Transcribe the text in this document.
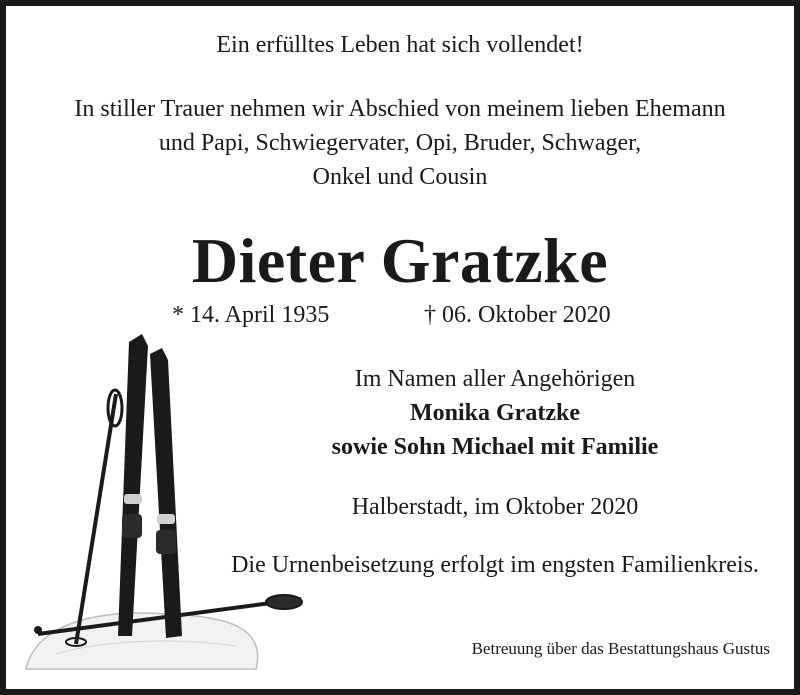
Ein erfülltes Leben hat sich vollendet!
In stiller Trauer nehmen wir Abschied von meinem lieben Ehemann
und Papi, Schwiegervater, Opi, Bruder, Schwager,
Onkel und Cousin
Dieter Gratzke
* 14. April 1935	† 06. Oktober 2020
Im Namen aller Angehörigen
Monika Gratzke
sowie Sohn Michael mit Familie
Halberstadt, im Oktober 2020
Die Urnenbeisetzung erfolgt im engsten Familienkreis.
Betreuung über das Bestattungshaus Gustus
